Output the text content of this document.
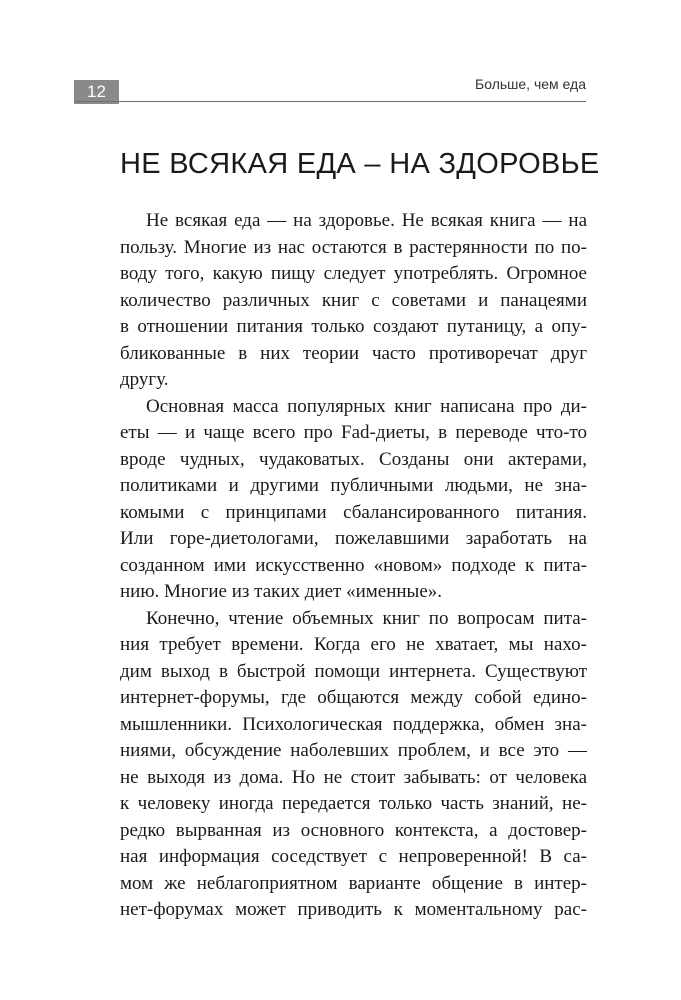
12	Больше, чем еда
НЕ ВСЯКАЯ ЕДА – НА ЗДОРОВЬЕ
Не всякая еда — на здоровье. Не всякая книга — на
пользу. Многие из нас остаются в растерянности по по-
воду того, какую пищу следует употреблять. Огромное
количество различных книг с советами и панацеями
в отношении питания только создают путаницу, а опу-
бликованные в них теории часто противоречат друг
другу.
Основная масса популярных книг написана про ди-
еты — и чаще всего про Fad-диеты, в переводе что-то
вроде чудных, чудаковатых. Созданы они актерами,
политиками и другими публичными людьми, не зна-
комыми с принципами сбалансированного питания.
Или горе-диетологами, пожелавшими заработать на
созданном ими искусственно «новом» подходе к пита-
нию. Многие из таких диет «именные».
Конечно, чтение объемных книг по вопросам пита-
ния требует времени. Когда его не хватает, мы нахо-
дим выход в быстрой помощи интернета. Существуют
интернет-форумы, где общаются между собой едино-
мышленники. Психологическая поддержка, обмен зна-
ниями, обсуждение наболевших проблем, и все это —
не выходя из дома. Но не стоит забывать: от человека
к человеку иногда передается только часть знаний, не-
редко вырванная из основного контекста, а достовер-
ная информация соседствует с непроверенной! В са-
мом же неблагоприятном варианте общение в интер-
нет-форумах может приводить к моментальному рас-
